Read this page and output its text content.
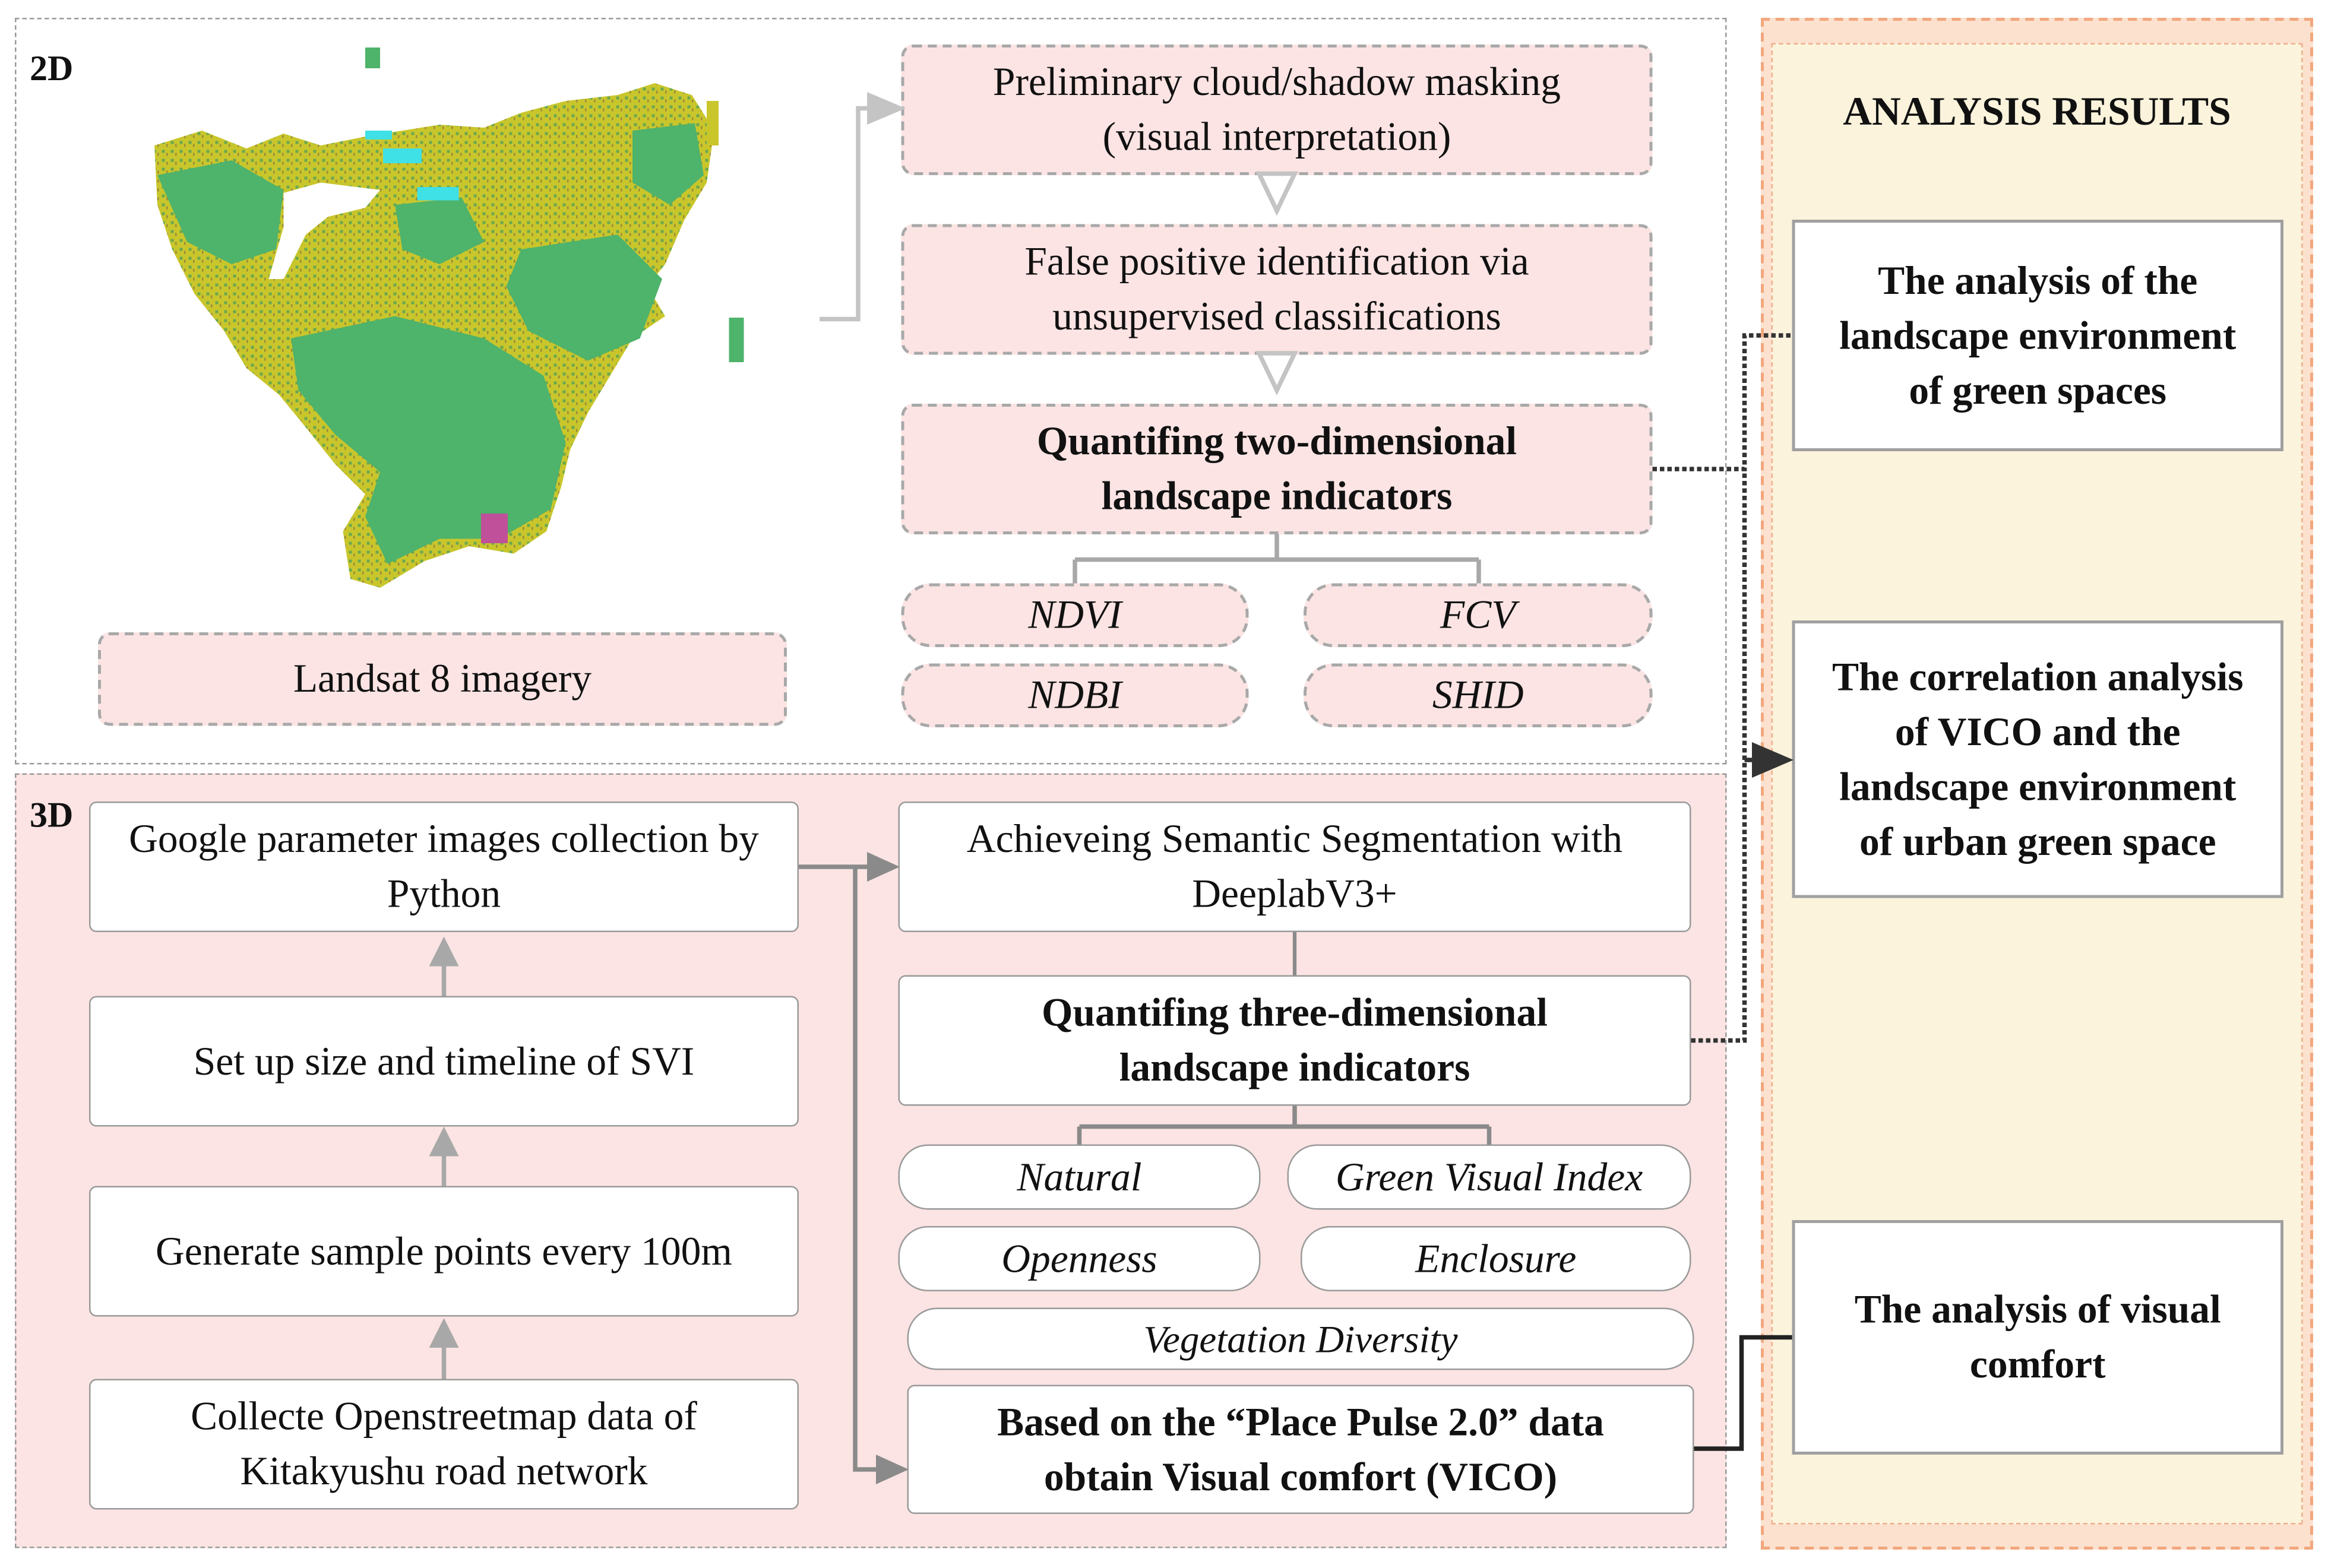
2D
3D
Landsat 8 imagery
Preliminary cloud/shadow masking (visual interpretation)
False positive identification via unsupervised classifications
Quantifing two-dimensional landscape indicators
NDVI	FCV
NDBI	SHID
Google parameter images collection by Python
Set up size and timeline of SVI
Generate sample points every 100m
Collecte Openstreetmap data of Kitakyushu road network
Achieveing Semantic Segmentation with DeeplabV3+
Quantifing three-dimensional landscape indicators
Natural	Green Visual Index
Openness	Enclosure
Vegetation Diversity
Based on the “Place Pulse 2.0” data obtain Visual comfort (VICO)
ANALYSIS RESULTS
The analysis of the landscape environment of green spaces
The correlation analysis of VICO and the landscape environment of urban green space
The analysis of visual comfort
